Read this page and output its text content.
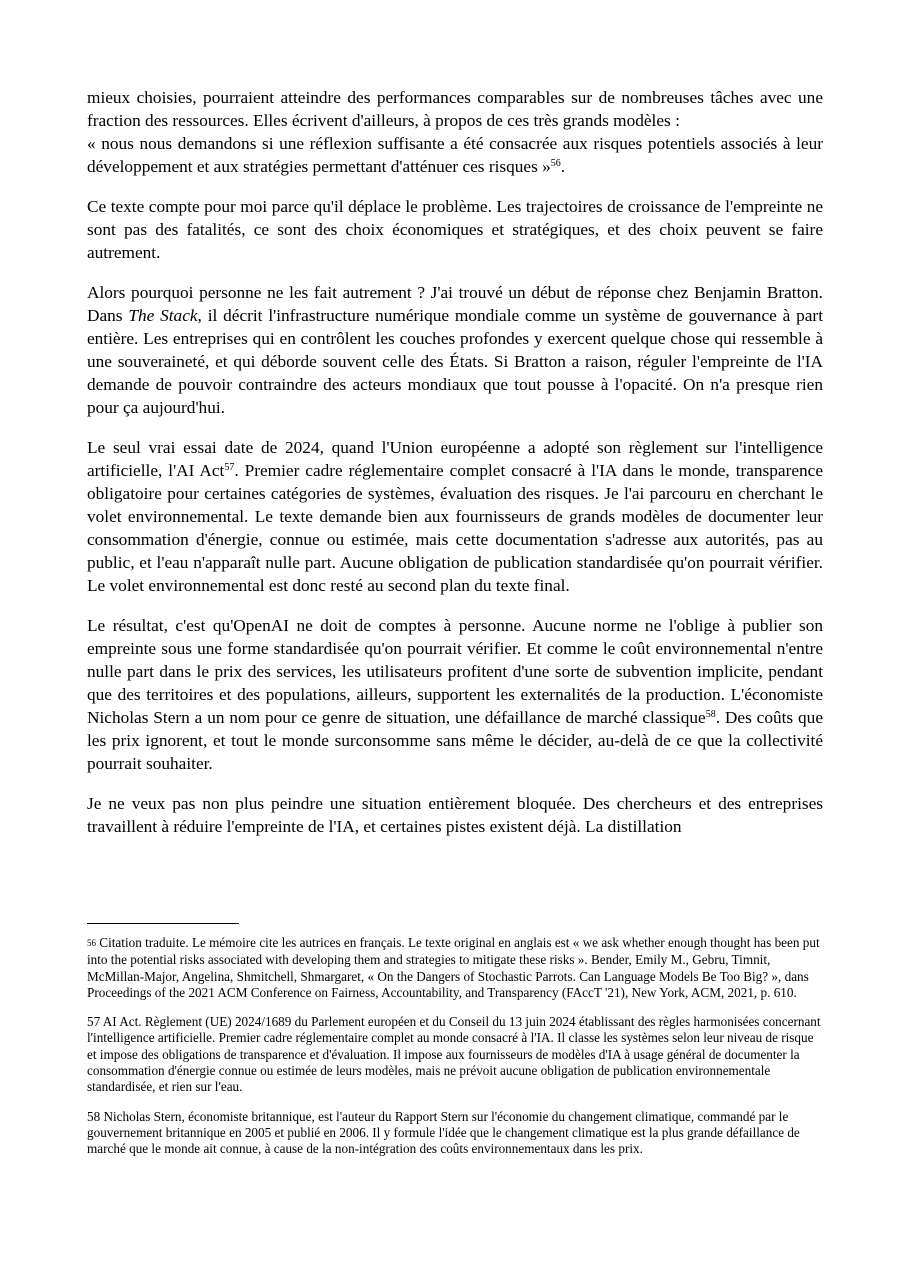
mieux choisies, pourraient atteindre des performances comparables sur de nombreuses tâches avec une fraction des ressources. Elles écrivent d'ailleurs, à propos de ces très grands modèles :
« nous nous demandons si une réflexion suffisante a été consacrée aux risques potentiels associés à leur développement et aux stratégies permettant d'atténuer ces risques »$^{56}$.

Ce texte compte pour moi parce qu'il déplace le problème. Les trajectoires de croissance de l'empreinte ne sont pas des fatalités, ce sont des choix économiques et stratégiques, et des choix peuvent se faire autrement.

Alors pourquoi personne ne les fait autrement ? J'ai trouvé un début de réponse chez Benjamin Bratton. Dans The Stack, il décrit l'infrastructure numérique mondiale comme un système de gouvernance à part entière. Les entreprises qui en contrôlent les couches profondes y exercent quelque chose qui ressemble à une souveraineté, et qui déborde souvent celle des États. Si Bratton a raison, réguler l'empreinte de l'IA demande de pouvoir contraindre des acteurs mondiaux que tout pousse à l'opacité. On n'a presque rien pour ça aujourd'hui.

Le seul vrai essai date de 2024, quand l'Union européenne a adopté son règlement sur l'intelligence artificielle, l'AI Act$^{57}$. Premier cadre réglementaire complet consacré à l'IA dans le monde, transparence obligatoire pour certaines catégories de systèmes, évaluation des risques. Je l'ai parcouru en cherchant le volet environnemental. Le texte demande bien aux fournisseurs de grands modèles de documenter leur consommation d'énergie, connue ou estimée, mais cette documentation s'adresse aux autorités, pas au public, et l'eau n'apparaît nulle part. Aucune obligation de publication standardisée qu'on pourrait vérifier. Le volet environnemental est donc resté au second plan du texte final.

Le résultat, c'est qu'OpenAI ne doit de comptes à personne. Aucune norme ne l'oblige à publier son empreinte sous une forme standardisée qu'on pourrait vérifier. Et comme le coût environnemental n'entre nulle part dans le prix des services, les utilisateurs profitent d'une sorte de subvention implicite, pendant que des territoires et des populations, ailleurs, supportent les externalités de la production. L'économiste Nicholas Stern a un nom pour ce genre de situation, une défaillance de marché classique$^{58}$. Des coûts que les prix ignorent, et tout le monde surconsomme sans même le décider, au-delà de ce que la collectivité pourrait souhaiter.

Je ne veux pas non plus peindre une situation entièrement bloquée. Des chercheurs et des entreprises travaillent à réduire l'empreinte de l'IA, et certaines pistes existent déjà. La distillation

56 Citation traduite. Le mémoire cite les autrices en français. Le texte original en anglais est « we ask whether enough thought has been put into the potential risks associated with developing them and strategies to mitigate these risks ». Bender, Emily M., Gebru, Timnit, McMillan-Major, Angelina, Shmitchell, Shmargaret, « On the Dangers of Stochastic Parrots. Can Language Models Be Too Big? », dans Proceedings of the 2021 ACM Conference on Fairness, Accountability, and Transparency (FAccT '21), New York, ACM, 2021, p. 610.

57 AI Act. Règlement (UE) 2024/1689 du Parlement européen et du Conseil du 13 juin 2024 établissant des règles harmonisées concernant l'intelligence artificielle. Premier cadre réglementaire complet au monde consacré à l'IA. Il classe les systèmes selon leur niveau de risque et impose des obligations de transparence et d'évaluation. Il impose aux fournisseurs de modèles d'IA à usage général de documenter la consommation d'énergie connue ou estimée de leurs modèles, mais ne prévoit aucune obligation de publication environnementale standardisée, et rien sur l'eau.

58 Nicholas Stern, économiste britannique, est l'auteur du Rapport Stern sur l'économie du changement climatique, commandé par le gouvernement britannique en 2005 et publié en 2006. Il y formule l'idée que le changement climatique est la plus grande défaillance de marché que le monde ait connue, à cause de la non-intégration des coûts environnementaux dans les prix.
